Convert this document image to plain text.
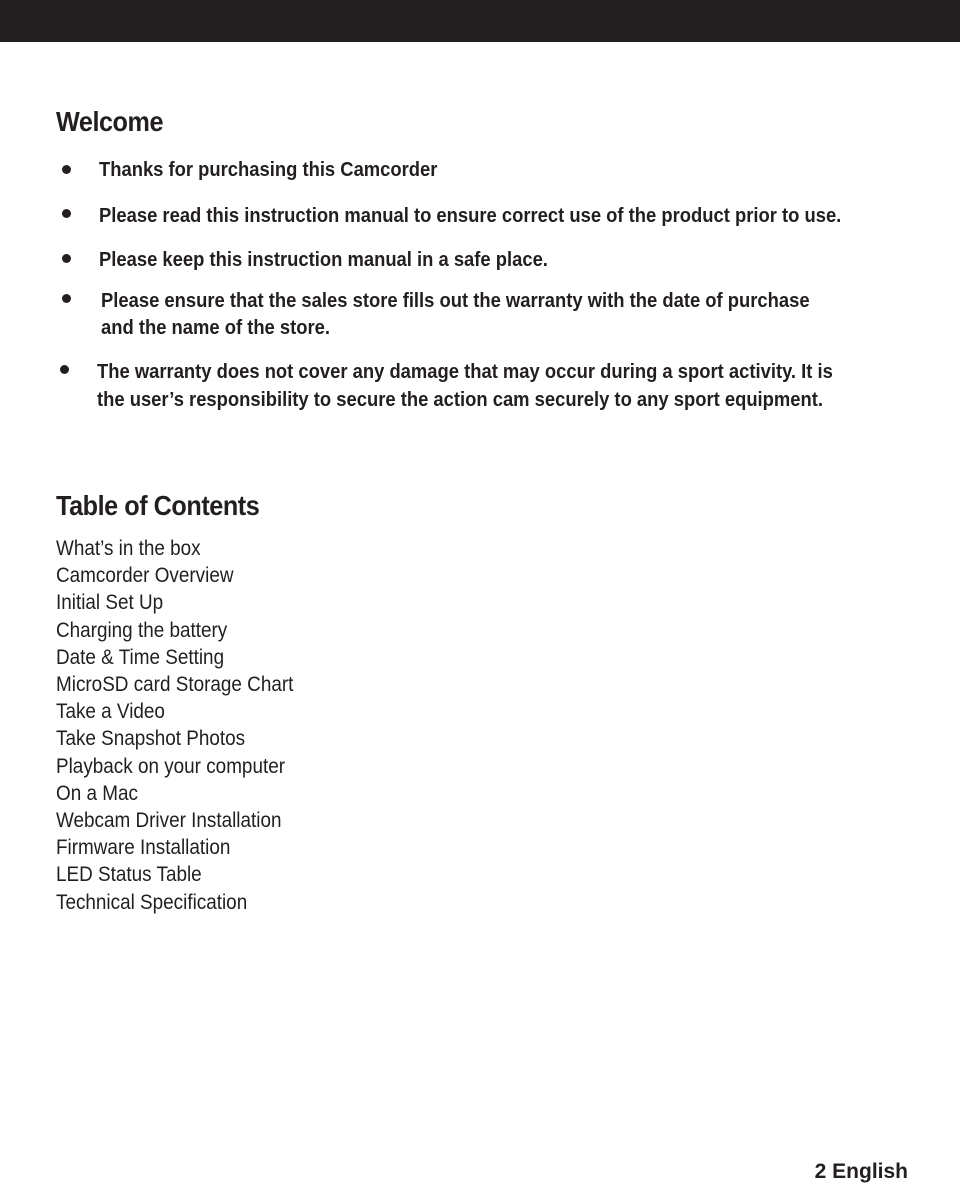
Welcome
Thanks for purchasing this Camcorder
Please read this instruction manual to ensure correct use of the product prior to use.
Please keep this instruction manual in a safe place.
Please ensure that the sales store fills out the warranty with the date of purchase
and the name of the store.
The warranty does not cover any damage that may occur during a sport activity. It is
the user’s responsibility to secure the action cam securely to any sport equipment.
Table of Contents
What’s in the box
Camcorder Overview
Initial Set Up
Charging the battery
Date & Time Setting
MicroSD card Storage Chart
Take a Video
Take Snapshot Photos
Playback on your computer
On a Mac
Webcam Driver Installation
Firmware Installation
LED Status Table
Technical Specification
2 English
